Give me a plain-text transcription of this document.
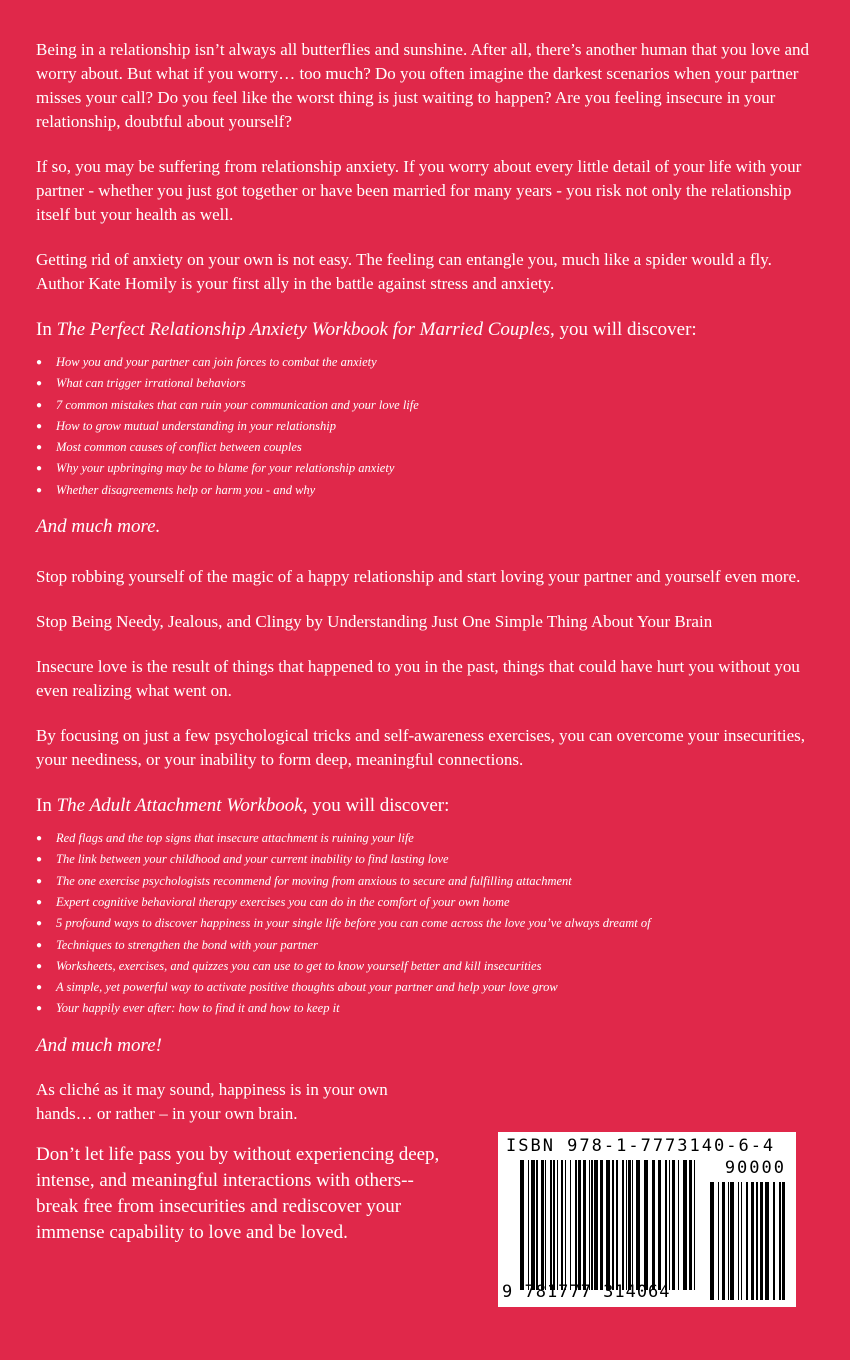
Being in a relationship isn’t always all butterflies and sunshine. After all, there’s another human that you love and worry about. But what if you worry… too much? Do you often imagine the darkest scenarios when your partner misses your call? Do you feel like the worst thing is just waiting to happen? Are you feeling insecure in your relationship, doubtful about yourself?

If so, you may be suffering from relationship anxiety. If you worry about every little detail of your life with your partner - whether you just got together or have been married for many years - you risk not only the relationship itself but your health as well.

Getting rid of anxiety on your own is not easy. The feeling can entangle you, much like a spider would a fly. Author Kate Homily is your first ally in the battle against stress and anxiety.

In The Perfect Relationship Anxiety Workbook for Married Couples, you will discover:

● How you and your partner can join forces to combat the anxiety
● What can trigger irrational behaviors
● 7 common mistakes that can ruin your communication and your love life
● How to grow mutual understanding in your relationship
● Most common causes of conflict between couples
● Why your upbringing may be to blame for your relationship anxiety
● Whether disagreements help or harm you - and why

And much more.

Stop robbing yourself of the magic of a happy relationship and start loving your partner and yourself even more.

Stop Being Needy, Jealous, and Clingy by Understanding Just One Simple Thing About Your Brain

Insecure love is the result of things that happened to you in the past, things that could have hurt you without you even realizing what went on.

By focusing on just a few psychological tricks and self-awareness exercises, you can overcome your insecurities, your neediness, or your inability to form deep, meaningful connections.

In The Adult Attachment Workbook, you will discover:

● Red flags and the top signs that insecure attachment is ruining your life
● The link between your childhood and your current inability to find lasting love
● The one exercise psychologists recommend for moving from anxious to secure and fulfilling attachment
● Expert cognitive behavioral therapy exercises you can do in the comfort of your own home
● 5 profound ways to discover happiness in your single life before you can come across the love you’ve always dreamt of
● Techniques to strengthen the bond with your partner
● Worksheets, exercises, and quizzes you can use to get to know yourself better and kill insecurities
● A simple, yet powerful way to activate positive thoughts about your partner and help your love grow
● Your happily ever after: how to find it and how to keep it

And much more!

As cliché as it may sound, happiness is in your own hands… or rather – in your own brain.

Don’t let life pass you by without experiencing deep, intense, and meaningful interactions with others--break free from insecurities and rediscover your immense capability to love and be loved.

ISBN 978-1-7773140-6-4
90000
9 781777 314064
